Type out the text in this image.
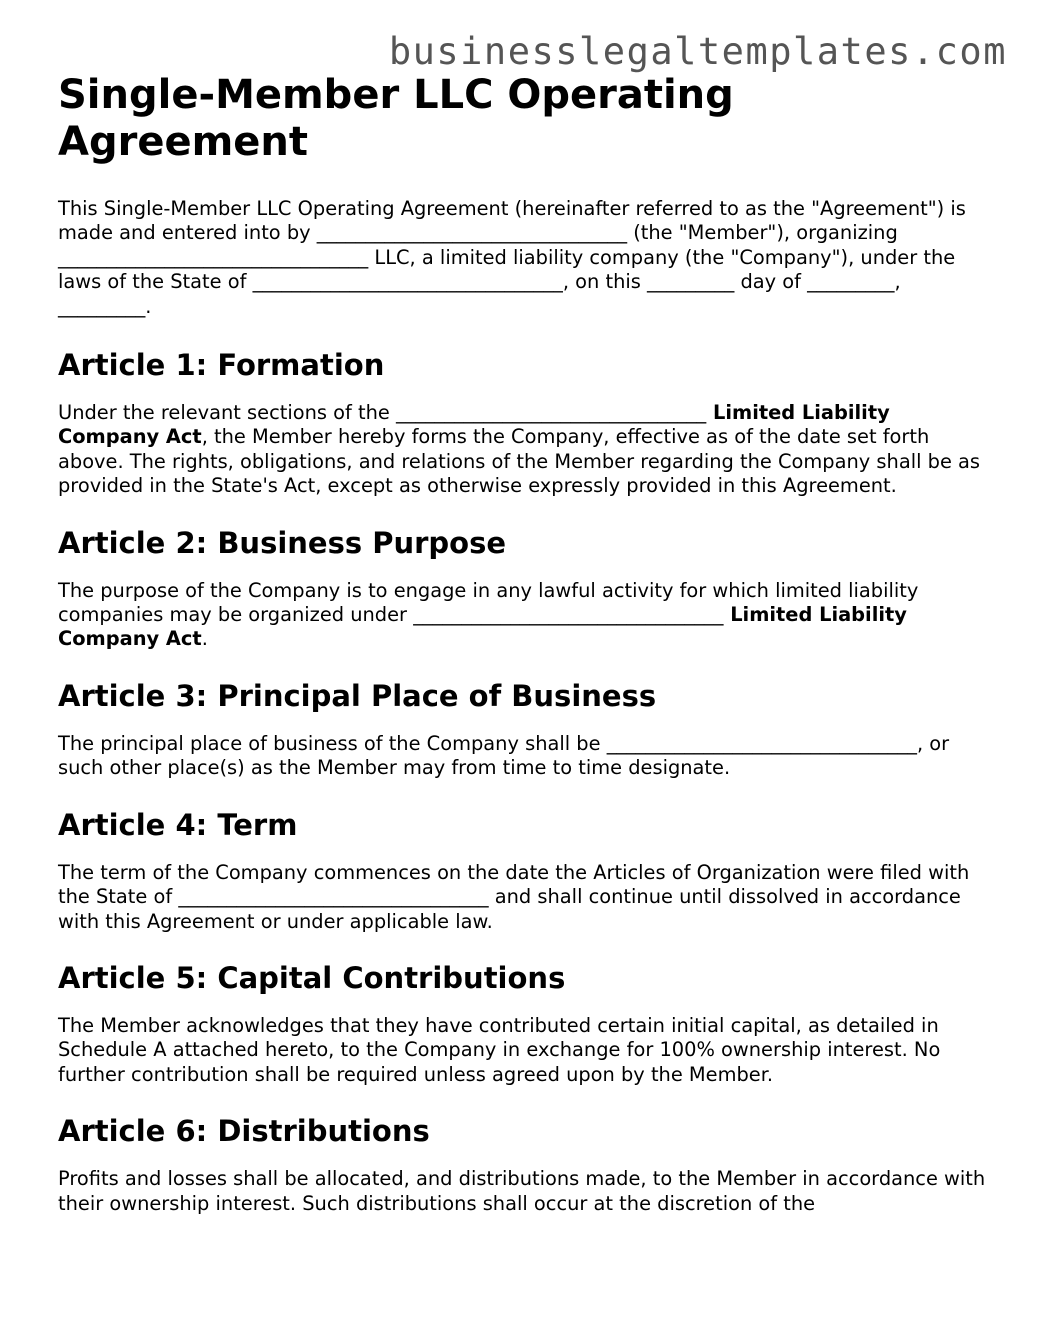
businesslegaltemplates.com
Single-Member LLC Operating Agreement

This Single-Member LLC Operating Agreement (hereinafter referred to as the "Agreement") is made and entered into by ________________________________ (the "Member"), organizing ________________________________ LLC, a limited liability company (the "Company"), under the laws of the State of ________________________________, on this _________ day of _________, _________.

Article 1: Formation

Under the relevant sections of the ________________________________ Limited Liability Company Act, the Member hereby forms the Company, effective as of the date set forth above. The rights, obligations, and relations of the Member regarding the Company shall be as provided in the State's Act, except as otherwise expressly provided in this Agreement.

Article 2: Business Purpose

The purpose of the Company is to engage in any lawful activity for which limited liability companies may be organized under ________________________________ Limited Liability Company Act.

Article 3: Principal Place of Business

The principal place of business of the Company shall be ________________________________, or such other place(s) as the Member may from time to time designate.

Article 4: Term

The term of the Company commences on the date the Articles of Organization were filed with the State of ________________________________ and shall continue until dissolved in accordance with this Agreement or under applicable law.

Article 5: Capital Contributions

The Member acknowledges that they have contributed certain initial capital, as detailed in Schedule A attached hereto, to the Company in exchange for 100% ownership interest. No further contribution shall be required unless agreed upon by the Member.

Article 6: Distributions

Profits and losses shall be allocated, and distributions made, to the Member in accordance with their ownership interest. Such distributions shall occur at the discretion of the
